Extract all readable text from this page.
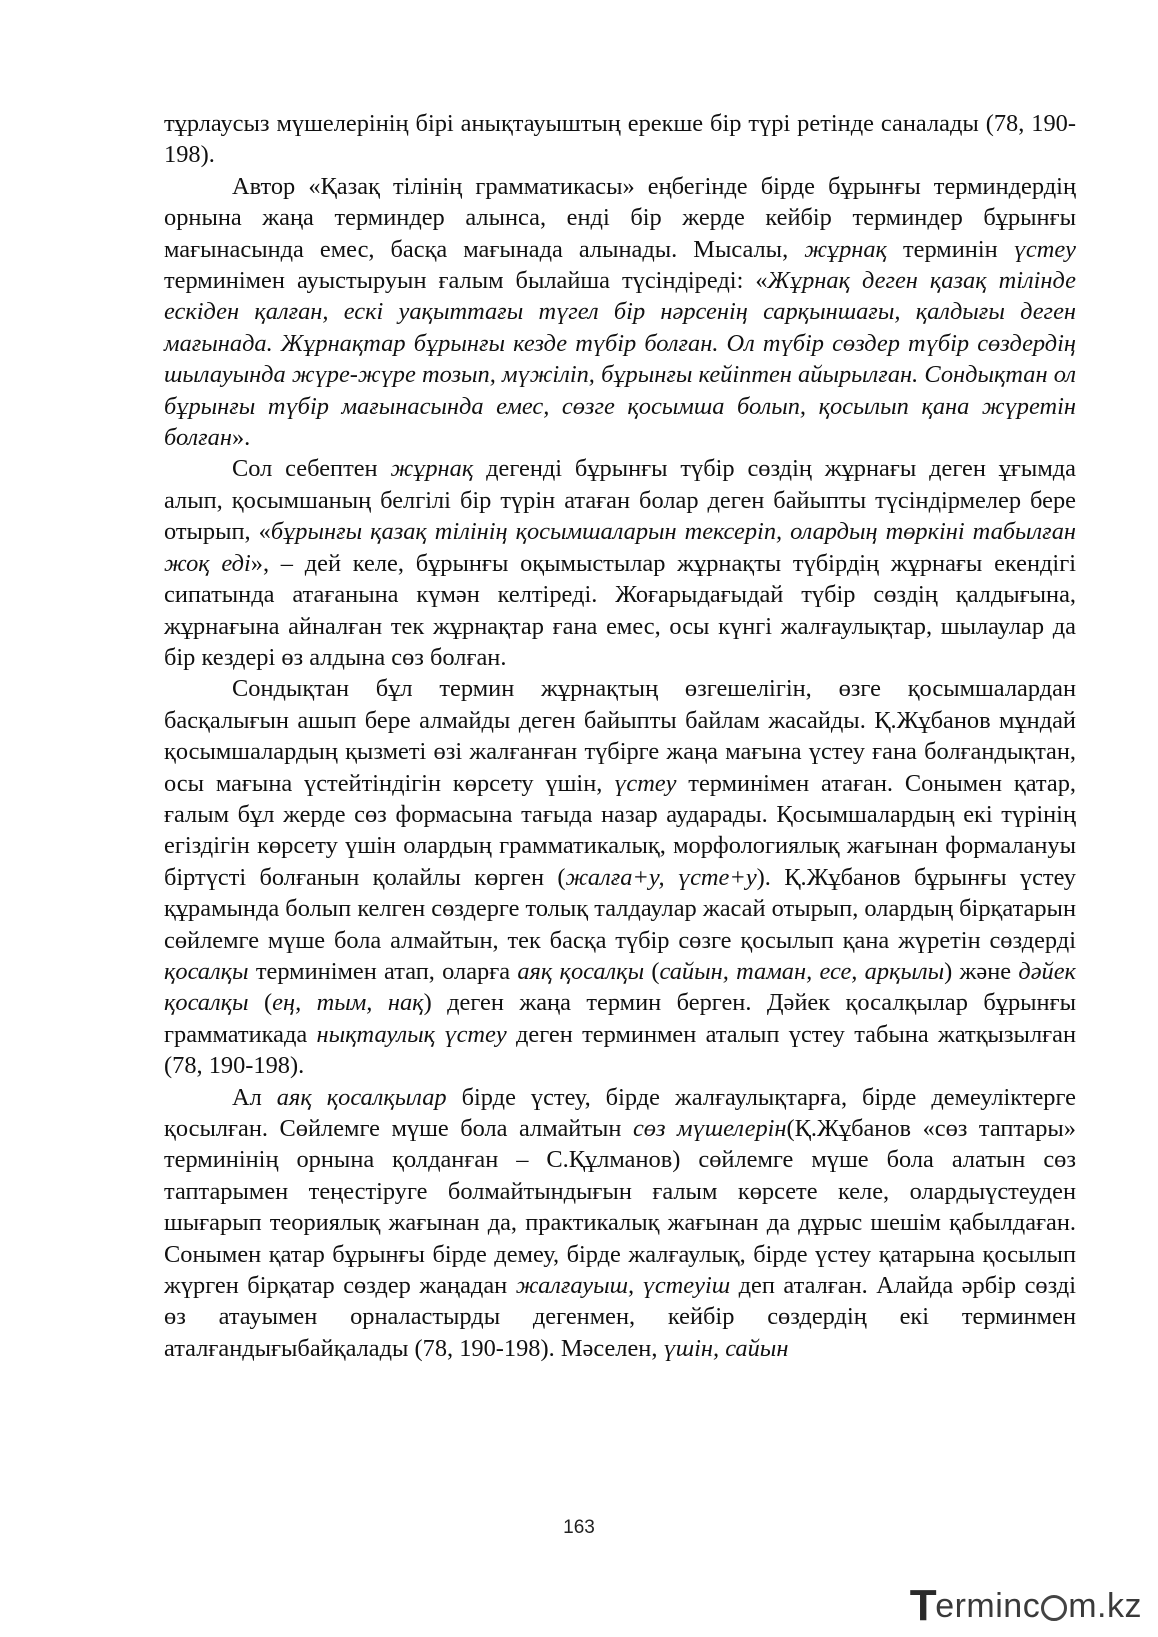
тұрлаусыз мүшелерінің бірі анықтауыштың ерекше бір түрі ретінде саналады (78, 190-198).

Автор «Қазақ тілінің грамматикасы» еңбегінде бірде бұрынғы терминдердің орнына жаңа терминдер алынса, енді бір жерде кейбір терминдер бұрынғы мағынасында емес, басқа мағынада алынады. Мысалы, жұрнақ терминін үстеу терминімен ауыстыруын ғалым былайша түсіндіреді: «Жұрнақ деген қазақ тілінде ескіден қалған, ескі уақыттағы түгел бір нәрсенің сарқыншағы, қалдығы деген мағынада. Жұрнақтар бұрынғы кезде түбір болған. Ол түбір сөздер түбір сөздердің шылауында жүре-жүре тозып, мүжіліп, бұрынғы кейіптен айырылған. Сондықтан ол бұрынғы түбір мағынасында емес, сөзге қосымша болып, қосылып қана жүретін болған».

Сол себептен жұрнақ дегенді бұрынғы түбір сөздің жұрнағы деген ұғымда алып, қосымшаның белгілі бір түрін атаған болар деген байыпты түсіндірмелер бере отырып, «бұрынғы қазақ тілінің қосымшаларын тексеріп, олардың төркіні табылған жоқ еді», – дей келе, бұрынғы оқымыстылар жұрнақты түбірдің жұрнағы екендігі сипатында атағанына күмән келтіреді. Жоғарыдағыдай түбір сөздің қалдығына, жұрнағына айналған тек жұрнақтар ғана емес, осы күнгі жалғаулықтар, шылаулар да бір кездері өз алдына сөз болған.

Сондықтан бұл термин жұрнақтың өзгешелігін, өзге қосымшалардан басқалығын ашып бере алмайды деген байыпты байлам жасайды. Қ.Жұбанов мұндай қосымшалардың қызметі өзі жалғанған түбірге жаңа мағына үстеу ғана болғандықтан, осы мағына үстейтіндігін көрсету үшін, үстеу терминімен атаған. Сонымен қатар, ғалым бұл жерде сөз формасына тағыда назар аударады. Қосымшалардың екі түрінің егіздігін көрсету үшін олардың грамматикалық, морфологиялық жағынан формалануы біртүсті болғанын қолайлы көрген (жалға+у, үсте+у). Қ.Жұбанов бұрынғы үстеу құрамында болып келген сөздерге толық талдаулар жасай отырып, олардың бірқатарын сөйлемге мүше бола алмайтын, тек басқа түбір сөзге қосылып қана жүретін сөздерді қосалқы терминімен атап, оларға аяқ қосалқы (сайын, таман, есе, арқылы) және дәйек қосалқы (ең, тым, нақ) деген жаңа термин берген. Дәйек қосалқылар бұрынғы грамматикада нықтаулық үстеу деген терминмен аталып үстеу табына жатқызылған (78, 190-198).

Ал аяқ қосалқылар бірде үстеу, бірде жалғаулықтарға, бірде демеуліктерге қосылған. Сөйлемге мүше бола алмайтын сөз мүшелерін(Қ.Жұбанов «сөз таптары» терминінің орнына қолданған – С.Құлманов) сөйлемге мүше бола алатын сөз таптарымен теңестіруге болмайтындығын ғалым көрсете келе, олардыүстеуден шығарып теориялық жағынан да, практикалық жағынан да дұрыс шешім қабылдаған. Сонымен қатар бұрынғы бірде демеу, бірде жалғаулық, бірде үстеу қатарына қосылып жүрген бірқатар сөздер жаңадан жалғауыш, үстеуіш деп аталған. Алайда әрбір сөзді өз атауымен орналастырды дегенмен, кейбір сөздердің екі терминмен аталғандығыбайқалады (78, 190-198). Мәселен, үшін, сайын

163
T
erminc m.kz
